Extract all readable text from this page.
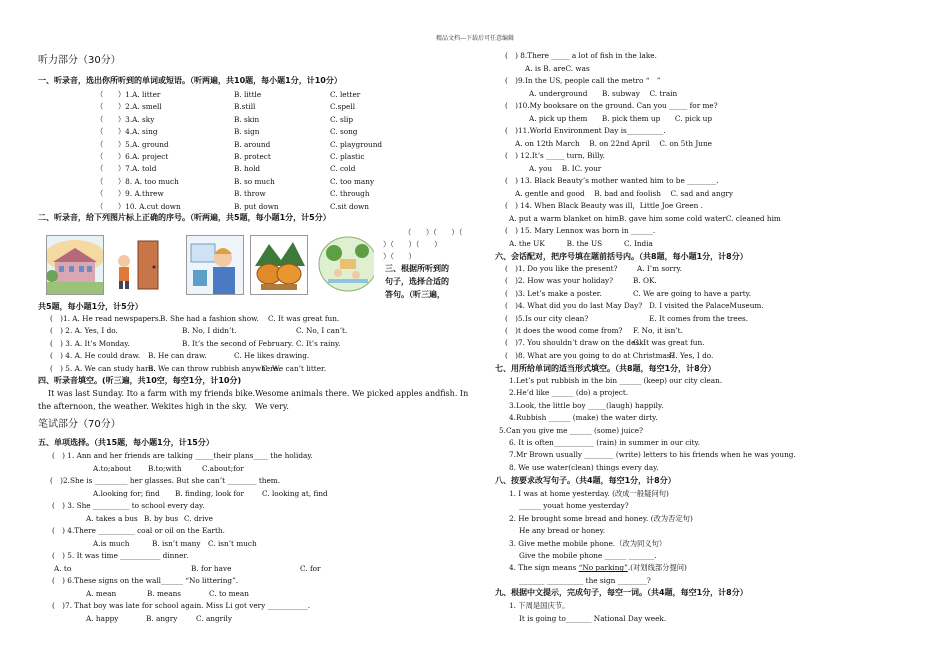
精品文档---下载后可任意编辑
听力部分（30分）
一、听录音，选出你所听到的单词或短语。（听两遍，共10题，每小题1分，计10分）
（　　）1.A. litter	B. little	C. letter
（　　）2.A. smell	B.still	C.spell
（　　）3.A. sky	B. skin	C. slip
（　　）4.A. sing	B. sign	C. song
（　　）5.A. ground	B. around	C. playground
（　　）6.A. project	B. protect	C. plastic
（　　）7.A. told	B. hold	C. cold
（　　）8. A. too much	B. so much	C. too many
（　　）9. A.threw	B. throw	C. through
（　　）10. A.cut down	B. put down	C.sit down
二、听录音，给下列图片标上正确的序号。（听两遍，共5题，每小题1分，计5分）
（　　）（　　）（
）（　　）（　　）
）（　　）
三、根据所听到的
句子，选择合适的
答句。（听三遍，
共5题，每小题1分，计5分）
(　)1. A. He read newspapers. B. She had a fashion show. C. It was great fun.
(　) 2. A. Yes, I do.	B. No, I didn’t.	C. No, I can’t.
(　) 3. A. It’s Monday.	B. It’s the second of February. C. It’s rainy.
(　) 4. A. He could draw. B. He can draw.	C. He likes drawing.
(　) 5. A. We can study hard.
B. We can throw rubbish anywhere.
C. We can’t litter.
四、听录音填空。(听三遍，共10空，每空1分，计10分)
It was last Sunday. Ito a farm with my friends bike.Wesome animals there. We picked apples andfish. In
the afternoon, the weather. Wekites high in the sky.　We very.
笔试部分（70分）
五、单项选择。（共15题，每小题1分，计15分）
(　) 1. Ann and her friends are talking _____their plans____ the holiday.
A.to;about B.to;with	C.about;for
(　)2.She is _________ her glasses. But she can’t ________ them.
A.looking for; find B. finding, look for C. looking at, find
(　) 3. She __________ to school every day.
A. takes a bus B. by bus C. drive
(　) 4.There __________ coal or oil on the Earth.
A.is much	B. isn’t many C. isn’t much
(　) 5. It was time ___________ dinner.
A. to	B. for have	C. for
(　) 6.These signs on the wall______ “No littering”.
A. mean	B. means	C. to mean
(　)7. That boy was late for school again. Miss Li got very ___________.
A. happy	B. angry	C. angrily
(　) 8.There _____ a lot of fish in the lake.
A. is B. areC. was
(　)9.In the US, people call the metro “　”
A. underground　　B. subway　 C. train
(　)10.My booksare on the ground. Can you _____ for me?
A. pick up them　　B. pick them up　　C. pick up
(　)11.World Environment Day is__________.
A. on 12th March　 B. on 22nd April　 C. on 5th June
(　) 12.It’s _____ turn, Billy.
A. you　 B. IC. your
(　) 13. Black Beauty’s mother wanted him to be ________.
A. gentle and good　 B. bad and foolish　 C. sad and angry
(　) 14. When Black Beauty was ill，Little Joe Green .
A. put a warm blanket on himB. gave him some cold waterC. cleaned him
(　) 15. Mary Lennox was born in ______.
A. the UK　　　B. the US　　　C. India
六、会话配对，把序号填在题前括号内。（共8题，每小题1分，计8分）
(　)1. Do you like the present?	A. I’m sorry.
(　)2. How was your holiday?	B. OK.
(　)3. Let’s make a poster.	C. We are going to have a party.
(　)4. What did you do last May Day? D. I visited the PalaceMuseum.
(　)5.Is our city clean?	E. It comes from the trees.
(　)t does the wood come from? F. No, it isn’t.
(　)7. You shouldn’t draw on the desk.
G. It was great fun.
(　)8. What are you going to do at Christmas?
H. Yes, I do.
七、用所给单词的适当形式填空。（共8题，每空1分，计8分）
1.Let’s put rubbish in the bin ______ (keep) our city clean.
2.He’d like ______ (do) a project.
3.Look, the little boy _____(laugh) happily.
4.Rubbish ______ (make) the water dirty.
5.Can you give me ______ (some) juice?
6. It is often___________ (rain) in summer in our city.
7.Mr Brown usually ________ (write) letters to his friends when he was young.
8. We use water(clean) things every day.
八、按要求改写句子。（共4题，每空1分，计8分）
1. I was at home yesterday. (改成一般疑问句)
______ youat home yesterday?
2. He brought some bread and honey. (改为否定句)
He any bread or honey.
3. Give methe mobile phone.（改为同义句）
Give the mobile phone ______ _______.
4. The sign means “No parking”.(对划线部分提问)
_______ __________ the sign ________?
九、根据中文提示，完成句子，每空一词。（共4题，每空1分，计8分）
1. 下周是国庆节。
It is going to_______ National Day week.
